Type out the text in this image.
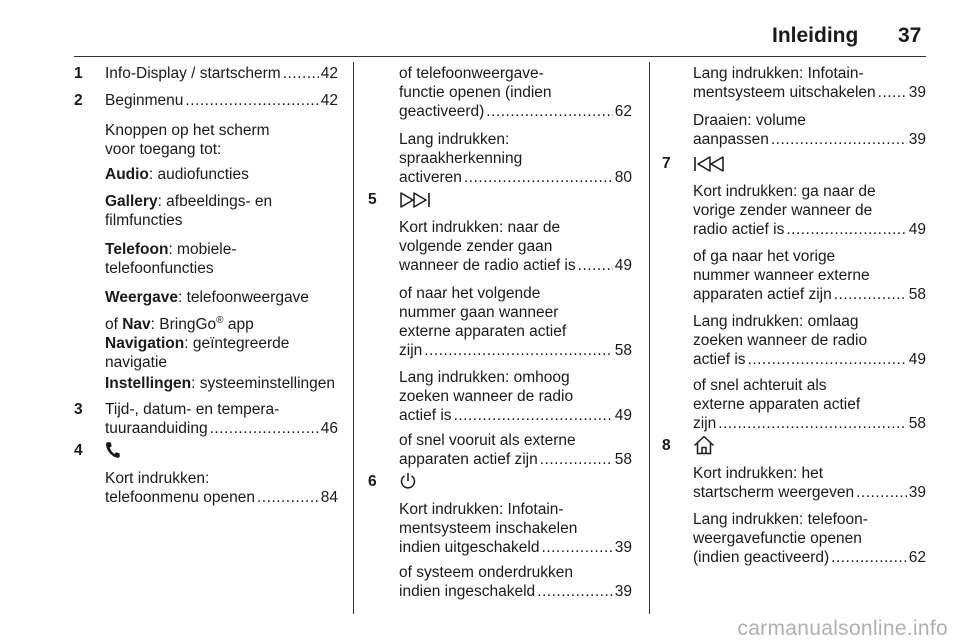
Inleiding 37
1 Info-Display / startscherm .....	42
2 Beginmenu .....	42
Knoppen op het scherm
voor toegang tot:
Audio: audiofuncties
Gallery: afbeeldings- en
filmfuncties
Telefoon: mobiele-
telefoonfuncties
Weergave: telefoonweergave
of Nav: BringGo® app
Navigation: geïntegreerde
navigatie
Instellingen: systeeminstellingen
3 Tijd-, datum- en tempera-
tuuraanduiding .....	46
4
Kort indrukken:
telefoonmenu openen .....	84
of telefoonweergave-
functie openen (indien
geactiveerd) .....	62
Lang indrukken:
spraakherkenning
activeren .....	80
5
Kort indrukken: naar de
volgende zender gaan
wanneer de radio actief is .....	49
of naar het volgende
nummer gaan wanneer
externe apparaten actief
zijn .....	58
Lang indrukken: omhoog
zoeken wanneer de radio
actief is .....	49
of snel vooruit als externe
apparaten actief zijn .....	58
6
Kort indrukken: Infotain-
mentsysteem inschakelen
indien uitgeschakeld .....	39
of systeem onderdrukken
indien ingeschakeld .....	39
Lang indrukken: Infotain-
mentsysteem uitschakelen ..... 39
Draaien: volume
aanpassen .....	39
7
Kort indrukken: ga naar de
vorige zender wanneer de
radio actief is .....	49
of ga naar het vorige
nummer wanneer externe
apparaten actief zijn .....	58
Lang indrukken: omlaag
zoeken wanneer de radio
actief is .....	49
of snel achteruit als
externe apparaten actief
zijn .....	58
8
Kort indrukken: het
startscherm weergeven .....	39
Lang indrukken: telefoon-
weergavefunctie openen
(indien geactiveerd) .....	62
carmanualsonline.info
